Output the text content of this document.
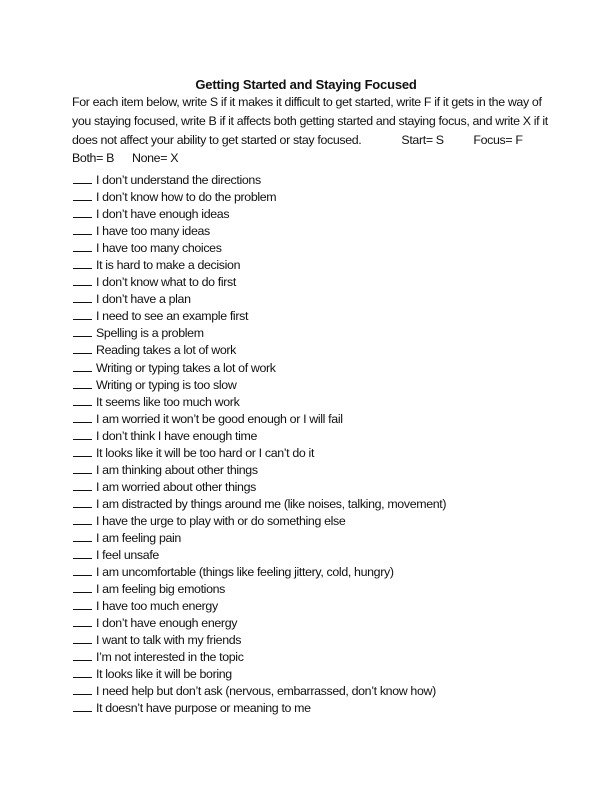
Getting Started and Staying Focused
For each item below, write S if it makes it difficult to get started, write F if it gets in the way of you staying focused, write B if it affects both getting started and staying focus, and write X if it does not affect your ability to get started or stay focused.	Start= S Focus= FBoth= B None= X
I don’t understand the directions
I don’t know how to do the problem
I don’t have enough ideas
I have too many ideas
I have too many choices
It is hard to make a decision
I don’t know what to do first
I don’t have a plan
I need to see an example first
Spelling is a problem
Reading takes a lot of work
Writing or typing takes a lot of work
Writing or typing is too slow
It seems like too much work
I am worried it won’t be good enough or I will fail
I don’t think I have enough time
It looks like it will be too hard or I can’t do it
I am thinking about other things
I am worried about other things
I am distracted by things around me (like noises, talking, movement)
I have the urge to play with or do something else
I am feeling pain
I feel unsafe
I am uncomfortable (things like feeling jittery, cold, hungry)
I am feeling big emotions
I have too much energy
I don’t have enough energy
I want to talk with my friends
I’m not interested in the topic
It looks like it will be boring
I need help but don’t ask (nervous, embarrassed, don’t know how)
It doesn’t have purpose or meaning to me
